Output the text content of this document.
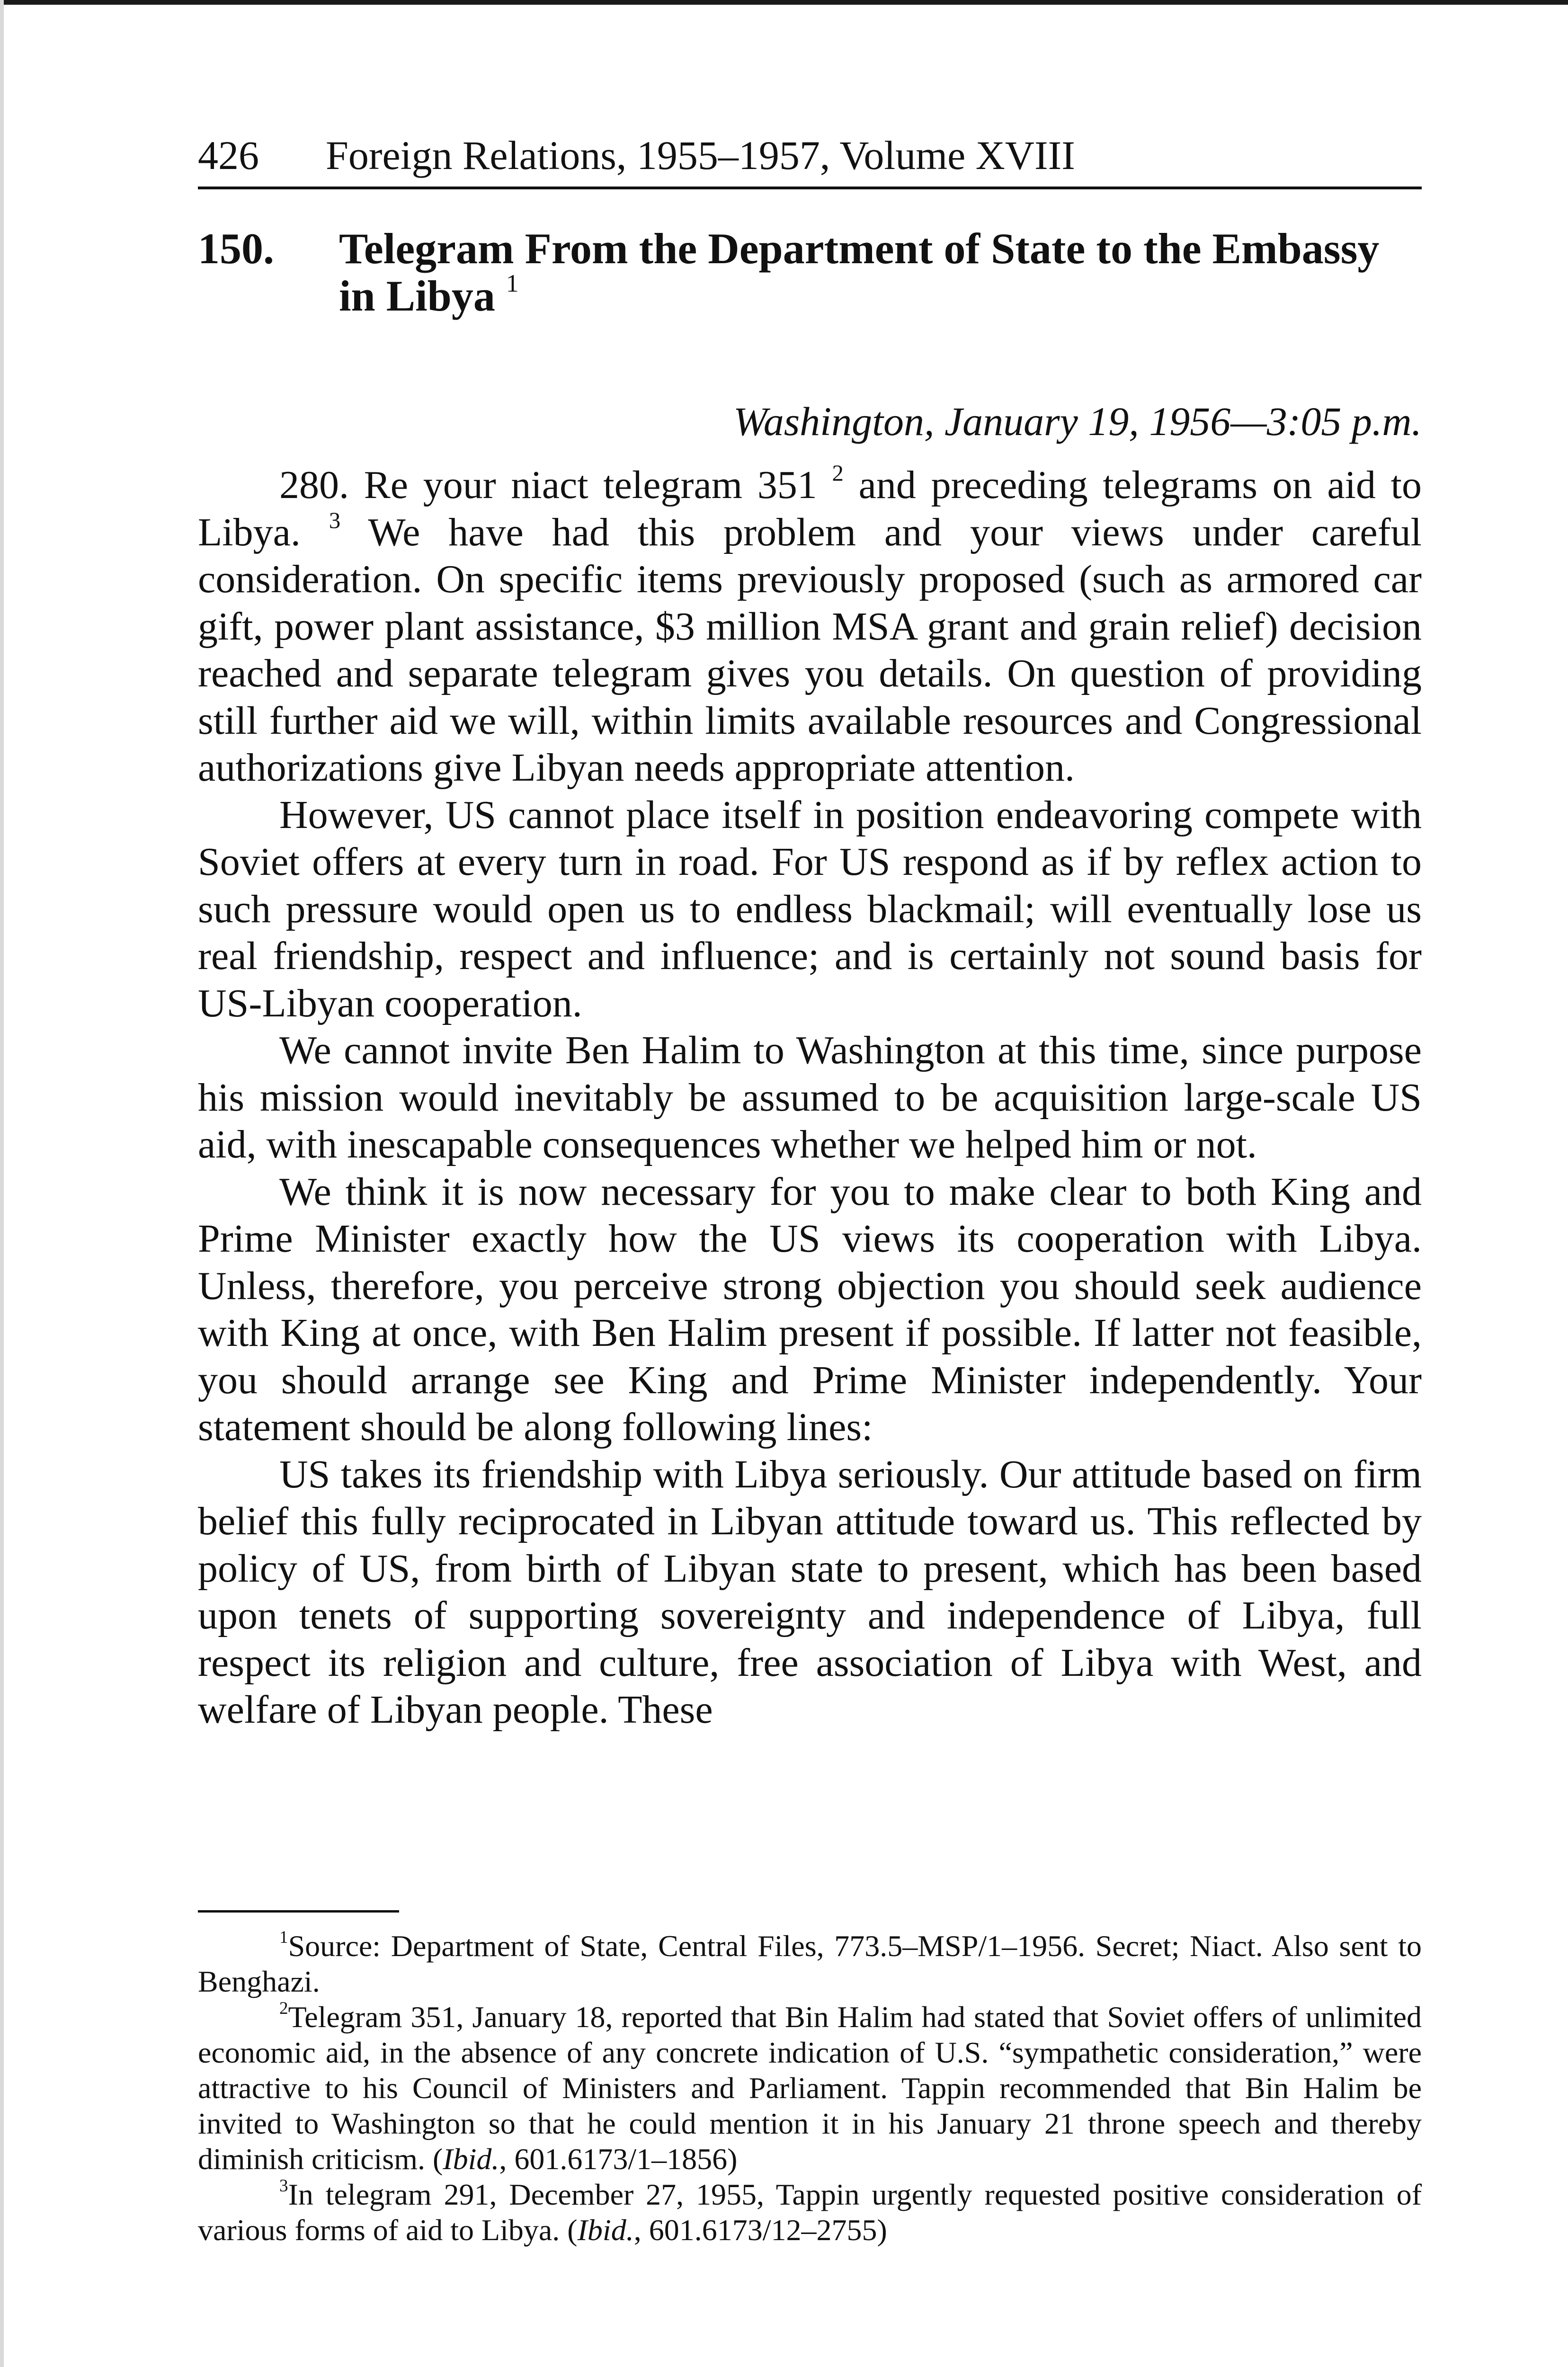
426 Foreign Relations, 1955–1957, Volume XVIII
150. Telegram From the Department of State to the Embassy in Libya $^1$
Washington, January 19, 1956—3:05 p.m.

280. Re your niact telegram 351 $^2$ and preceding telegrams on aid to Libya. $^3$ We have had this problem and your views under careful consideration. On specific items previously proposed (such as armored car gift, power plant assistance, $3 million MSA grant and grain relief) decision reached and separate telegram gives you details. On question of providing still further aid we will, within limits available resources and Congressional authorizations give Libyan needs appropriate attention.

However, US cannot place itself in position endeavoring compete with Soviet offers at every turn in road. For US respond as if by reflex action to such pressure would open us to endless blackmail; will eventually lose us real friendship, respect and influence; and is certainly not sound basis for US-Libyan cooperation.

We cannot invite Ben Halim to Washington at this time, since purpose his mission would inevitably be assumed to be acquisition large-scale US aid, with inescapable consequences whether we helped him or not.

We think it is now necessary for you to make clear to both King and Prime Minister exactly how the US views its cooperation with Libya. Unless, therefore, you perceive strong objection you should seek audience with King at once, with Ben Halim present if possible. If latter not feasible, you should arrange see King and Prime Minister independently. Your statement should be along following lines:

US takes its friendship with Libya seriously. Our attitude based on firm belief this fully reciprocated in Libyan attitude toward us. This reflected by policy of US, from birth of Libyan state to present, which has been based upon tenets of supporting sovereignty and independence of Libya, full respect its religion and culture, free association of Libya with West, and welfare of Libyan people. These

$^1$Source: Department of State, Central Files, 773.5–MSP/1–1956. Secret; Niact. Also sent to Benghazi.

$^2$Telegram 351, January 18, reported that Bin Halim had stated that Soviet offers of unlimited economic aid, in the absence of any concrete indication of U.S. “sympathetic consideration,” were attractive to his Council of Ministers and Parliament. Tappin recommended that Bin Halim be invited to Washington so that he could mention it in his January 21 throne speech and thereby diminish criticism. (Ibid., 601.6173/1–1856)

$^3$In telegram 291, December 27, 1955, Tappin urgently requested positive consideration of various forms of aid to Libya. (Ibid., 601.6173/12–2755)
